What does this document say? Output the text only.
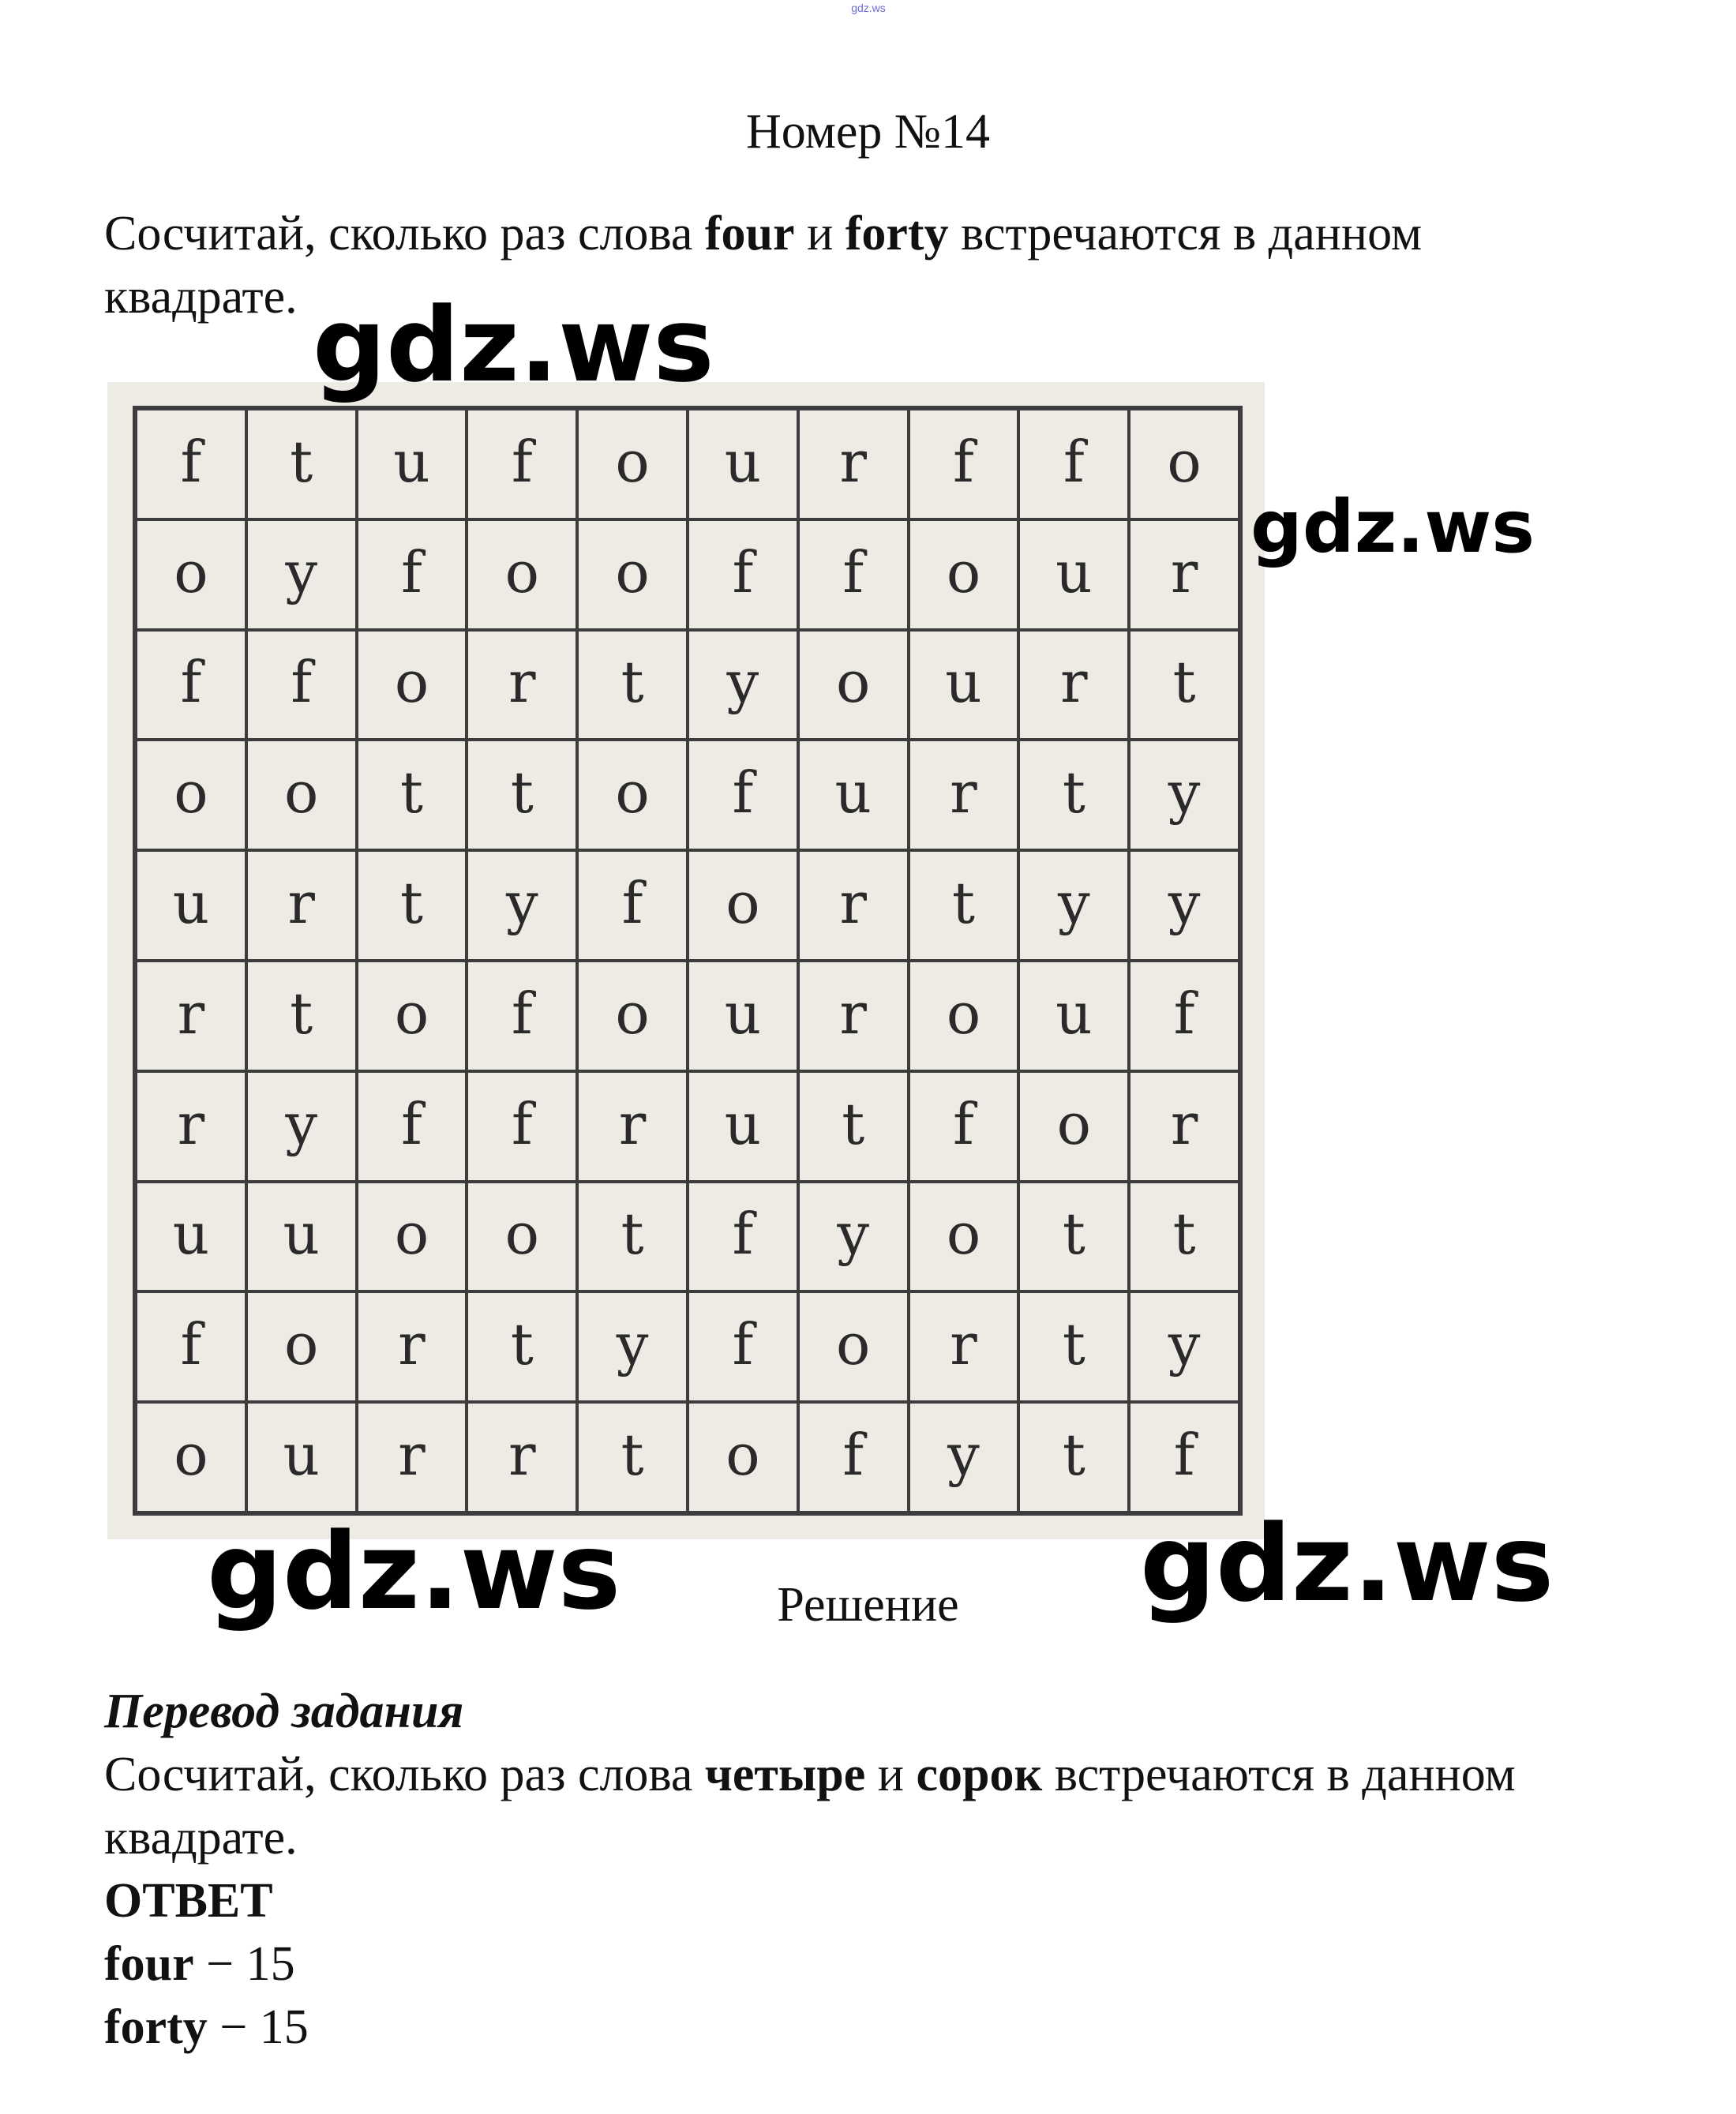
gdz.ws
Номер №14
Сосчитай, сколько раз слова four и forty встречаются в данном квадрате.
f	t	u	f	o	u	r	f	f	o
o	y	f	o	o	f	f	o	u	r
f	f	o	r	t	y	o	u	r	t
o	o	t	t	o	f	u	r	t	y
u	r	t	y	f	o	r	t	y	y
r	t	o	f	o	u	r	o	u	f
r	y	f	f	r	u	t	f	o	r
u	u	o	o	t	f	y	o	t	t
f	o	r	t	y	f	o	r	t	y
o	u	r	r	t	o	f	y	t	f
gdz.ws
gdz.ws
gdz.ws	gdz.ws
Решение
Перевод задания
Сосчитай, сколько раз слова четыре и сорок встречаются в данном квадрате.
ОТВЕТ
four − 15
forty − 15
